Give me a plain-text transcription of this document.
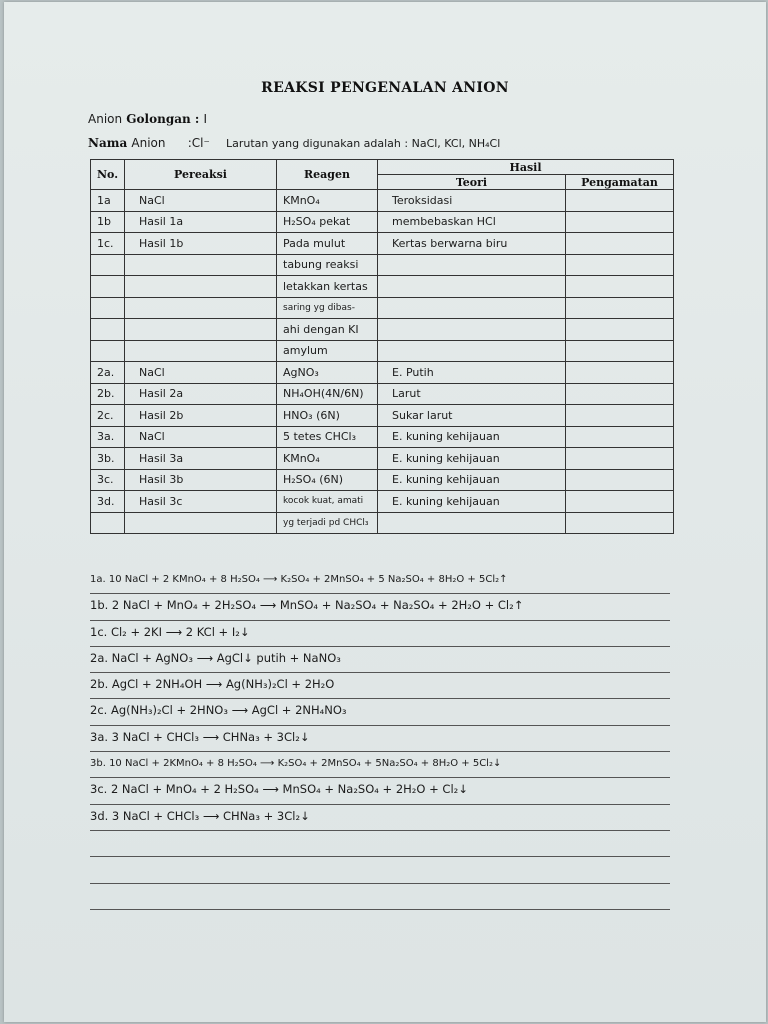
REAKSI PENGENALAN ANION
Anion Golongan : I
Nama Anion :Cl⁻ Larutan yang digunakan adalah : NaCl, KCl, NH₄Cl
No.	Pereaksi	Reagen	Hasil	
			Teori	Pengamatan
1a	NaCl	KMnO₄	Teroksidasi	
1b	Hasil 1a	H₂SO₄ pekat	membebaskan HCl	
1c.	Hasil 1b	Pada mulut	Kertas berwarna biru	
		tabung reaksi		
		letakkan kertas		
		saring yg dibas-		
		ahi dengan KI		
		amylum		
2a.	NaCl	AgNO₃	E. Putih	
2b.	Hasil 2a	NH₄OH(4N/6N)	Larut	
2c.	Hasil 2b	HNO₃ (6N)	Sukar larut	
3a.	NaCl	5 tetes CHCl₃	E. kuning kehijauan	
3b.	Hasil 3a	KMnO₄	E. kuning kehijauan	
3c.	Hasil 3b	H₂SO₄ (6N)	E. kuning kehijauan	
3d.	Hasil 3c	kocok kuat, amati	E. kuning kehijauan	
		yg terjadi pd CHCl₃		
1a. 10 NaCl + 2 KMnO₄ + 8 H₂SO₄ ⟶ K₂SO₄ + 2MnSO₄ + 5 Na₂SO₄ + 8H₂O + 5Cl₂↑
1b. 2 NaCl + MnO₄ + 2H₂SO₄ ⟶ MnSO₄ + Na₂SO₄ + Na₂SO₄ + 2H₂O + Cl₂↑
1c. Cl₂ + 2KI ⟶ 2 KCl + I₂↓
2a. NaCl + AgNO₃ ⟶ AgCl↓ putih + NaNO₃
2b. AgCl + 2NH₄OH ⟶ Ag(NH₃)₂Cl + 2H₂O
2c. Ag(NH₃)₂Cl + 2HNO₃ ⟶ AgCl + 2NH₄NO₃
3a. 3 NaCl + CHCl₃ ⟶ CHNa₃ + 3Cl₂↓
3b. 10 NaCl + 2KMnO₄ + 8 H₂SO₄ ⟶ K₂SO₄ + 2MnSO₄ + 5Na₂SO₄ + 8H₂O + 5Cl₂↓
3c. 2 NaCl + MnO₄ + 2 H₂SO₄ ⟶ MnSO₄ + Na₂SO₄ + 2H₂O + Cl₂↓
3d. 3 NaCl + CHCl₃ ⟶ CHNa₃ + 3Cl₂↓
